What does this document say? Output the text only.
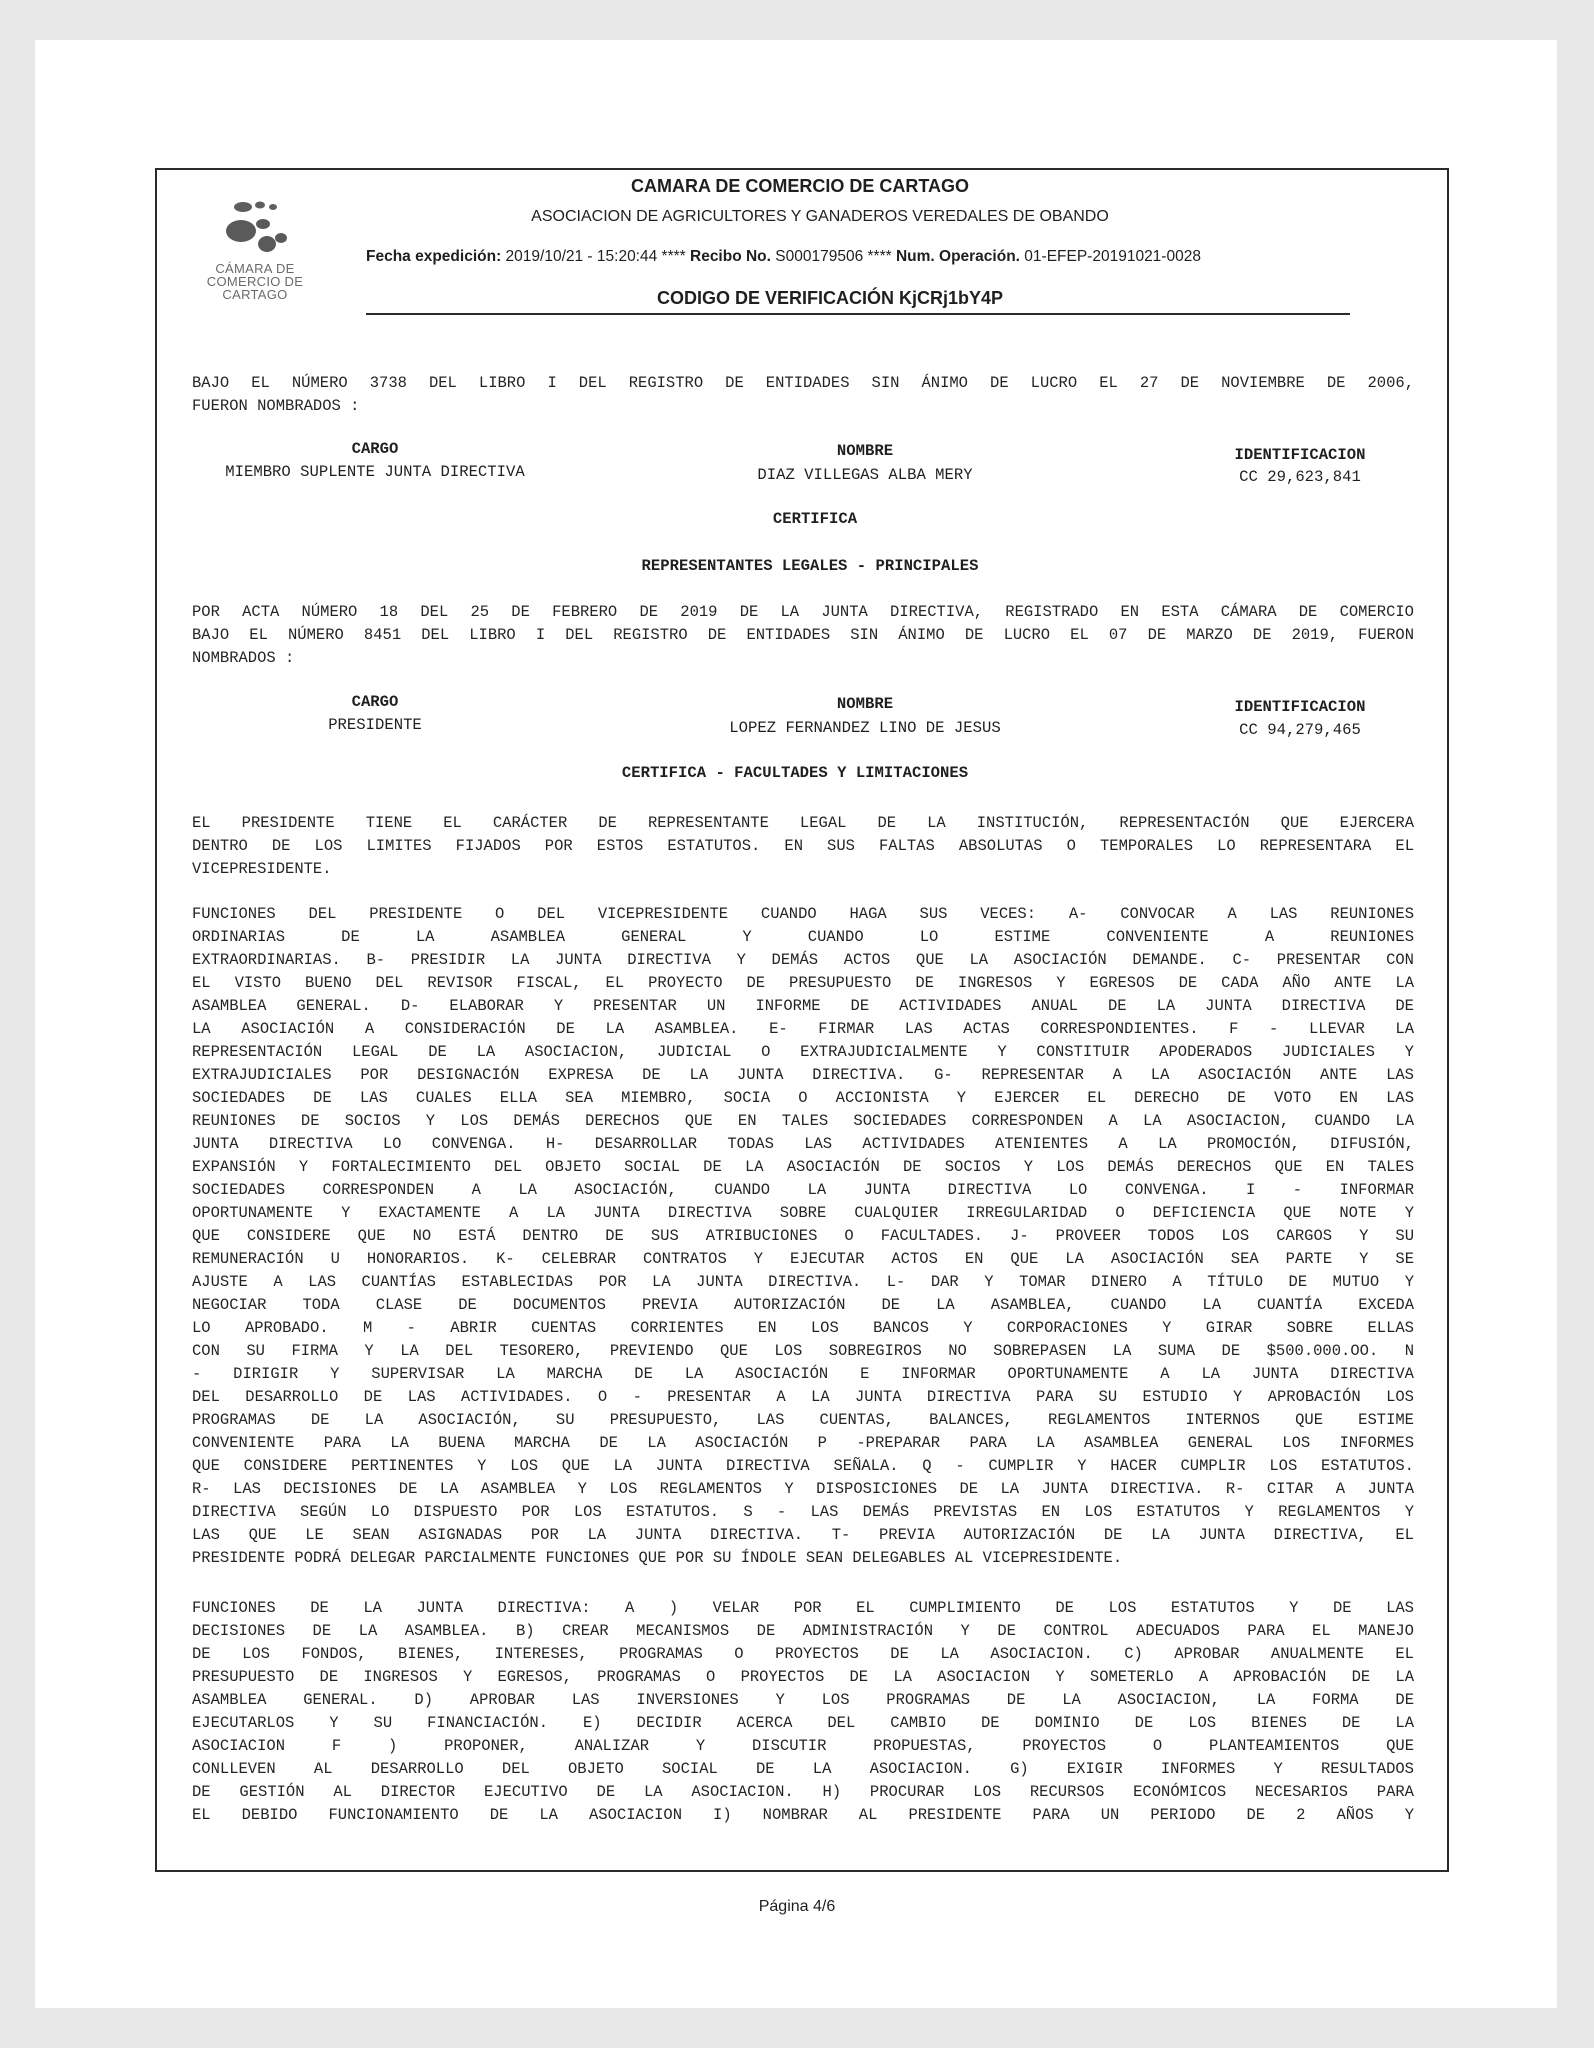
CÁMARA DE
COMERCIO DE
CARTAGO
CAMARA DE COMERCIO DE CARTAGO
ASOCIACION DE AGRICULTORES Y GANADEROS VEREDALES DE OBANDO
Fecha expedición: 2019/10/21 - 15:20:44 **** Recibo No. S000179506 **** Num. Operación. 01-EFEP-20191021-0028
CODIGO DE VERIFICACIÓN KjCRj1bY4P
BAJO EL NÚMERO 3738 DEL LIBRO I DEL REGISTRO DE ENTIDADES SIN ÁNIMO DE LUCRO EL 27 DE NOVIEMBRE DE 2006,
FUERON NOMBRADOS :
CARGO	NOMBRE	IDENTIFICACION
MIEMBRO SUPLENTE JUNTA DIRECTIVA	DIAZ VILLEGAS ALBA MERY	CC 29,623,841
CERTIFICA
REPRESENTANTES LEGALES - PRINCIPALES
POR ACTA NÚMERO 18 DEL 25 DE FEBRERO DE 2019 DE LA JUNTA DIRECTIVA, REGISTRADO EN ESTA CÁMARA DE COMERCIO
BAJO EL NÚMERO 8451 DEL LIBRO I DEL REGISTRO DE ENTIDADES SIN ÁNIMO DE LUCRO EL 07 DE MARZO DE 2019, FUERON
NOMBRADOS :
CARGO	NOMBRE	IDENTIFICACION
PRESIDENTE	LOPEZ FERNANDEZ LINO DE JESUS	CC 94,279,465
CERTIFICA - FACULTADES Y LIMITACIONES
EL PRESIDENTE TIENE EL CARÁCTER DE REPRESENTANTE LEGAL DE LA INSTITUCIÓN, REPRESENTACIÓN QUE EJERCERA
DENTRO DE LOS LIMITES FIJADOS POR ESTOS ESTATUTOS. EN SUS FALTAS ABSOLUTAS O TEMPORALES LO REPRESENTARA EL
VICEPRESIDENTE.
FUNCIONES DEL PRESIDENTE O DEL VICEPRESIDENTE CUANDO HAGA SUS VECES: A- CONVOCAR A LAS REUNIONES
ORDINARIAS DE LA ASAMBLEA GENERAL Y CUANDO LO ESTIME CONVENIENTE A REUNIONES
EXTRAORDINARIAS. B- PRESIDIR LA JUNTA DIRECTIVA Y DEMÁS ACTOS QUE LA ASOCIACIÓN DEMANDE. C- PRESENTAR CON
EL VISTO BUENO DEL REVISOR FISCAL, EL PROYECTO DE PRESUPUESTO DE INGRESOS Y EGRESOS DE CADA AÑO ANTE LA
ASAMBLEA GENERAL. D- ELABORAR Y PRESENTAR UN INFORME DE ACTIVIDADES ANUAL DE LA JUNTA DIRECTIVA DE
LA ASOCIACIÓN A CONSIDERACIÓN DE LA ASAMBLEA. E- FIRMAR LAS ACTAS CORRESPONDIENTES. F - LLEVAR LA
REPRESENTACIÓN LEGAL DE LA ASOCIACION, JUDICIAL O EXTRAJUDICIALMENTE Y CONSTITUIR APODERADOS JUDICIALES Y
EXTRAJUDICIALES POR DESIGNACIÓN EXPRESA DE LA JUNTA DIRECTIVA. G- REPRESENTAR A LA ASOCIACIÓN ANTE LAS
SOCIEDADES DE LAS CUALES ELLA SEA MIEMBRO, SOCIA O ACCIONISTA Y EJERCER EL DERECHO DE VOTO EN LAS
REUNIONES DE SOCIOS Y LOS DEMÁS DERECHOS QUE EN TALES SOCIEDADES CORRESPONDEN A LA ASOCIACION, CUANDO LA
JUNTA DIRECTIVA LO CONVENGA. H- DESARROLLAR TODAS LAS ACTIVIDADES ATENIENTES A LA PROMOCIÓN, DIFUSIÓN,
EXPANSIÓN Y FORTALECIMIENTO DEL OBJETO SOCIAL DE LA ASOCIACIÓN DE SOCIOS Y LOS DEMÁS DERECHOS QUE EN TALES
SOCIEDADES CORRESPONDEN A LA ASOCIACIÓN, CUANDO LA JUNTA DIRECTIVA LO CONVENGA. I - INFORMAR
OPORTUNAMENTE Y EXACTAMENTE A LA JUNTA DIRECTIVA SOBRE CUALQUIER IRREGULARIDAD O DEFICIENCIA QUE NOTE Y
QUE CONSIDERE QUE NO ESTÁ DENTRO DE SUS ATRIBUCIONES O FACULTADES. J- PROVEER TODOS LOS CARGOS Y SU
REMUNERACIÓN U HONORARIOS. K- CELEBRAR CONTRATOS Y EJECUTAR ACTOS EN QUE LA ASOCIACIÓN SEA PARTE Y SE
AJUSTE A LAS CUANTÍAS ESTABLECIDAS POR LA JUNTA DIRECTIVA. L- DAR Y TOMAR DINERO A TÍTULO DE MUTUO Y
NEGOCIAR TODA CLASE DE DOCUMENTOS PREVIA AUTORIZACIÓN DE LA ASAMBLEA, CUANDO LA CUANTÍA EXCEDA
LO APROBADO. M - ABRIR CUENTAS CORRIENTES EN LOS BANCOS Y CORPORACIONES Y GIRAR SOBRE ELLAS
CON SU FIRMA Y LA DEL TESORERO, PREVIENDO QUE LOS SOBREGIROS NO SOBREPASEN LA SUMA DE $500.000.OO. N
- DIRIGIR Y SUPERVISAR LA MARCHA DE LA ASOCIACIÓN E INFORMAR OPORTUNAMENTE A LA JUNTA DIRECTIVA
DEL DESARROLLO DE LAS ACTIVIDADES. O - PRESENTAR A LA JUNTA DIRECTIVA PARA SU ESTUDIO Y APROBACIÓN LOS
PROGRAMAS DE LA ASOCIACIÓN, SU PRESUPUESTO, LAS CUENTAS, BALANCES, REGLAMENTOS INTERNOS QUE ESTIME
CONVENIENTE PARA LA BUENA MARCHA DE LA ASOCIACIÓN P -PREPARAR PARA LA ASAMBLEA GENERAL LOS INFORMES
QUE CONSIDERE PERTINENTES Y LOS QUE LA JUNTA DIRECTIVA SEÑALA. Q - CUMPLIR Y HACER CUMPLIR LOS ESTATUTOS.
R- LAS DECISIONES DE LA ASAMBLEA Y LOS REGLAMENTOS Y DISPOSICIONES DE LA JUNTA DIRECTIVA. R- CITAR A JUNTA
DIRECTIVA SEGÚN LO DISPUESTO POR LOS ESTATUTOS. S - LAS DEMÁS PREVISTAS EN LOS ESTATUTOS Y REGLAMENTOS Y
LAS QUE LE SEAN ASIGNADAS POR LA JUNTA DIRECTIVA. T- PREVIA AUTORIZACIÓN DE LA JUNTA DIRECTIVA, EL
PRESIDENTE PODRÁ DELEGAR PARCIALMENTE FUNCIONES QUE POR SU ÍNDOLE SEAN DELEGABLES AL VICEPRESIDENTE.
FUNCIONES DE LA JUNTA DIRECTIVA: A ) VELAR POR EL CUMPLIMIENTO DE LOS ESTATUTOS Y DE LAS
DECISIONES DE LA ASAMBLEA. B) CREAR MECANISMOS DE ADMINISTRACIÓN Y DE CONTROL ADECUADOS PARA EL MANEJO
DE LOS FONDOS, BIENES, INTERESES, PROGRAMAS O PROYECTOS DE LA ASOCIACION. C) APROBAR ANUALMENTE EL
PRESUPUESTO DE INGRESOS Y EGRESOS, PROGRAMAS O PROYECTOS DE LA ASOCIACION Y SOMETERLO A APROBACIÓN DE LA
ASAMBLEA GENERAL. D) APROBAR LAS INVERSIONES Y LOS PROGRAMAS DE LA ASOCIACION, LA FORMA DE
EJECUTARLOS Y SU FINANCIACIÓN. E) DECIDIR ACERCA DEL CAMBIO DE DOMINIO DE LOS BIENES DE LA
ASOCIACION F ) PROPONER, ANALIZAR Y DISCUTIR PROPUESTAS, PROYECTOS O PLANTEAMIENTOS QUE
CONLLEVEN AL DESARROLLO DEL OBJETO SOCIAL DE LA ASOCIACION. G) EXIGIR INFORMES Y RESULTADOS
DE GESTIÓN AL DIRECTOR EJECUTIVO DE LA ASOCIACION. H) PROCURAR LOS RECURSOS ECONÓMICOS NECESARIOS PARA
EL DEBIDO FUNCIONAMIENTO DE LA ASOCIACION I) NOMBRAR AL PRESIDENTE PARA UN PERIODO DE 2 AÑOS Y
Página 4/6
